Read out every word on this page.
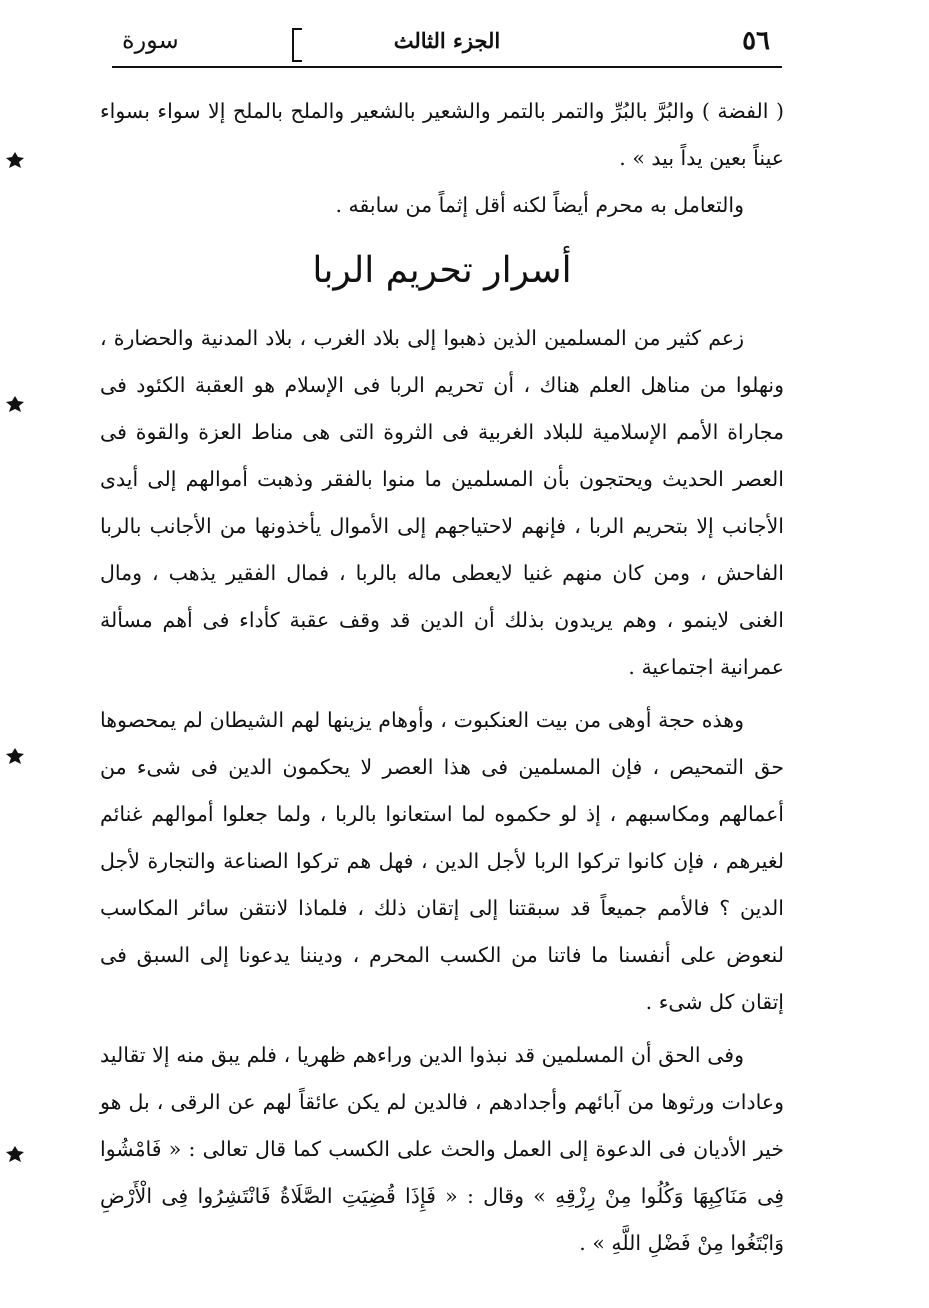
٥٦
الجزء الثالث
سورة

( الفضة ) والبُرَّ بالبُرِّ والتمر بالتمر والشعير بالشعير والملح بالملح إلا سواء بسواء عيناً بعين يداً بيد » .

والتعامل به محرم أيضاً لكنه أقل إثماً من سابقه .

أسرار تحريم الربا

زعم كثير من المسلمين الذين ذهبوا إلى بلاد الغرب ، بلاد المدنية والحضارة ، ونهلوا من مناهل العلم هناك ، أن تحريم الربا فى الإسلام هو العقبة الكئود فى مجاراة الأمم الإسلامية للبلاد الغربية فى الثروة التى هى مناط العزة والقوة فى العصر الحديث ويحتجون بأن المسلمين ما منوا بالفقر وذهبت أموالهم إلى أيدى الأجانب إلا بتحريم الربا ، فإنهم لاحتياجهم إلى الأموال يأخذونها من الأجانب بالربا الفاحش ، ومن كان منهم غنيا لايعطى ماله بالربا ، فمال الفقير يذهب ، ومال الغنى لاينمو ، وهم يريدون بذلك أن الدين قد وقف عقبة كأداء فى أهم مسألة عمرانية اجتماعية .

وهذه حجة أوهى من بيت العنكبوت ، وأوهام يزينها لهم الشيطان لم يمحصوها حق التمحيص ، فإن المسلمين فى هذا العصر لا يحكمون الدين فى شىء من أعمالهم ومكاسبهم ، إذ لو حكموه لما استعانوا بالربا ، ولما جعلوا أموالهم غنائم لغيرهم ، فإن كانوا تركوا الربا لأجل الدين ، فهل هم تركوا الصناعة والتجارة لأجل الدين ؟ فالأمم جميعاً قد سبقتنا إلى إتقان ذلك ، فلماذا لانتقن سائر المكاسب لنعوض على أنفسنا ما فاتنا من الكسب المحرم ، وديننا يدعونا إلى السبق فى إتقان كل شىء .

وفى الحق أن المسلمين قد نبذوا الدين وراءهم ظهريا ، فلم يبق منه إلا تقاليد وعادات ورثوها من آبائهم وأجدادهم ، فالدين لم يكن عائقاً لهم عن الرقى ، بل هو خير الأديان فى الدعوة إلى العمل والحث على الكسب كما قال تعالى : « فَامْشُوا فِى مَنَاكِبِهَا وَكُلُوا مِنْ رِزْقِهِ » وقال : « فَإِذَا قُضِيَتِ الصَّلَاةُ فَانْتَشِرُوا فِى الْأَرْضِ وَابْتَغُوا مِنْ فَضْلِ اللَّهِ » .
